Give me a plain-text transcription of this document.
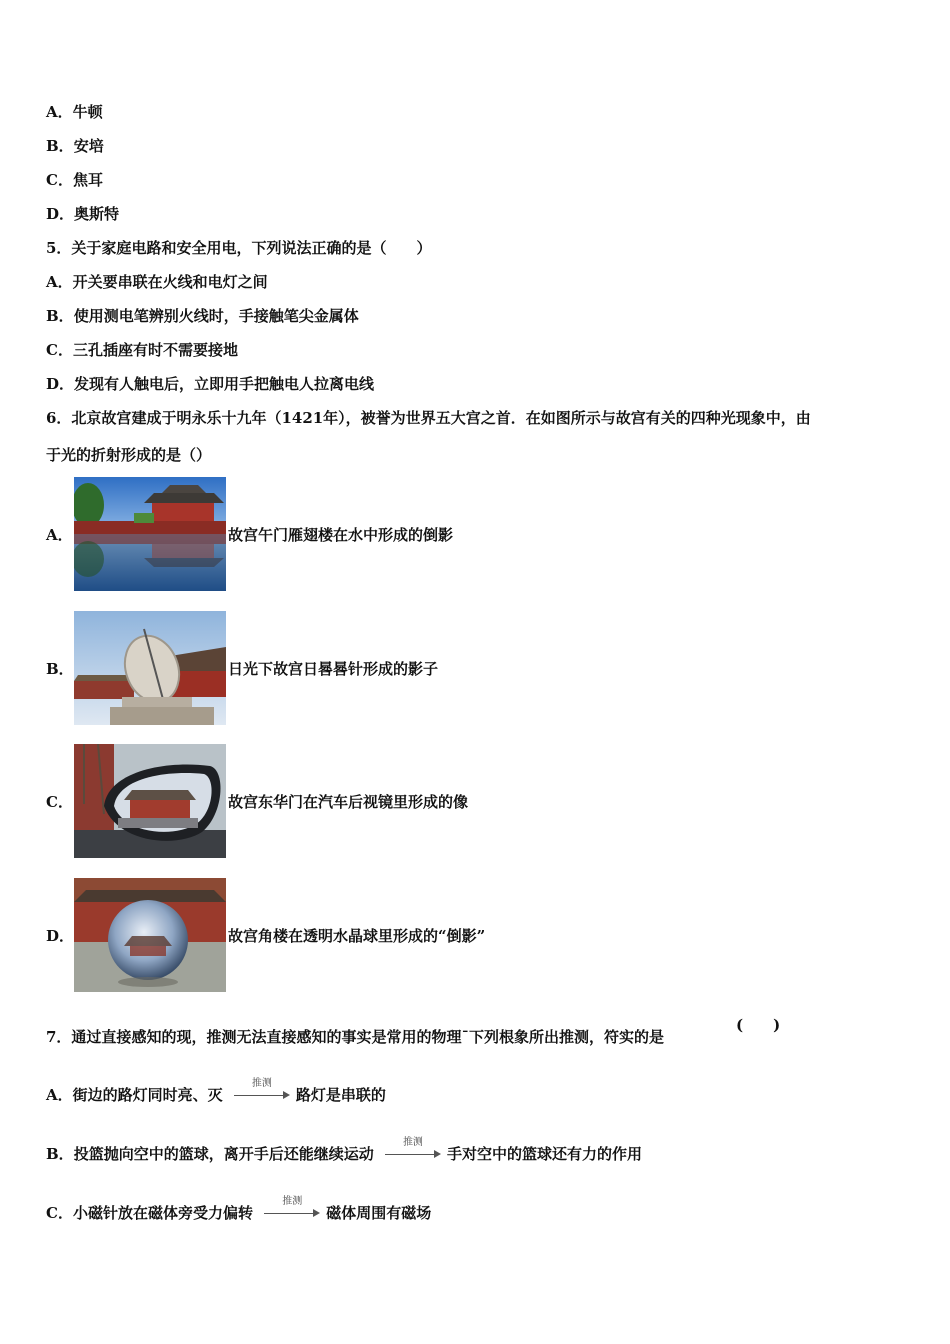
A．牛顿
B．安培
C．焦耳
D．奥斯特
5．关于家庭电路和安全用电，下列说法正确的是（　　）
A．开关要串联在火线和电灯之间
B．使用测电笔辨别火线时，手接触笔尖金属体
C．三孔插座有时不需要接地
D．发现有人触电后，立即用手把触电人拉离电线
6．北京故宫建成于明永乐十九年（1421年），被誉为世界五大宫之首．在如图所示与故宫有关的四种光现象中，由
于光的折射形成的是（）
A．	故宫午门雁翅楼在水中形成的倒影
B．	日光下故宫日晷晷针形成的影子
C．	故宫东华门在汽车后视镜里形成的像
D．	故宫角楼在透明水晶球里形成的“倒影”
(　　)
7．通过直接感知的现，推测无法直接感知的事实是常用的物理ˉ下列根象所出推测，符实的是
A．街边的路灯同时亮、灭
推测
路灯是串联的
B．投篮抛向空中的篮球，离开手后还能继续运动
推测
手对空中的篮球还有力的作用
C．小磁针放在磁体旁受力偏转
推测
磁体周围有磁场
